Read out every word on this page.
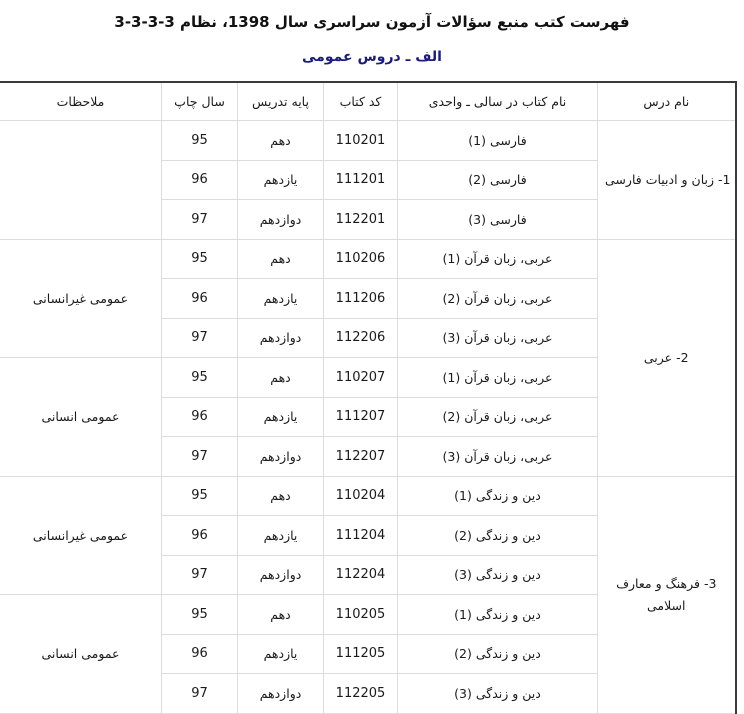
فهرست کتب منبع سؤالات آزمون سراسری سال 1398، نظام 3-3-3-3
الف ـ دروس عمومی
نام درس	نام کتاب در سالی ـ واحدی	کد کتاب	پایه تدریس	سال چاپ	ملاحظات
1- زبان و ادبیات فارسی	فارسی (1)	110201	دهم	95	
	فارسی (2)	111201	یازدهم	96	
	فارسی (3)	112201	دوازدهم	97	
2- عربی	عربی، زبان قرآن (1)	110206	دهم	95	عمومی غیرانسانی
	عربی، زبان قرآن (2)	111206	یازدهم	96	
	عربی، زبان قرآن (3)	112206	دوازدهم	97	
	عربی، زبان قرآن (1)	110207	دهم	95	عمومی انسانی
	عربی، زبان قرآن (2)	111207	یازدهم	96	
	عربی، زبان قرآن (3)	112207	دوازدهم	97	
3- فرهنگ و معارف اسلامی	دین و زندگی (1)	110204	دهم	95	عمومی غیرانسانی
	دین و زندگی (2)	111204	یازدهم	96	
	دین و زندگی (3)	112204	دوازدهم	97	
	دین و زندگی (1)	110205	دهم	95	عمومی انسانی
	دین و زندگی (2)	111205	یازدهم	96	
	دین و زندگی (3)	112205	دوازدهم	97	
